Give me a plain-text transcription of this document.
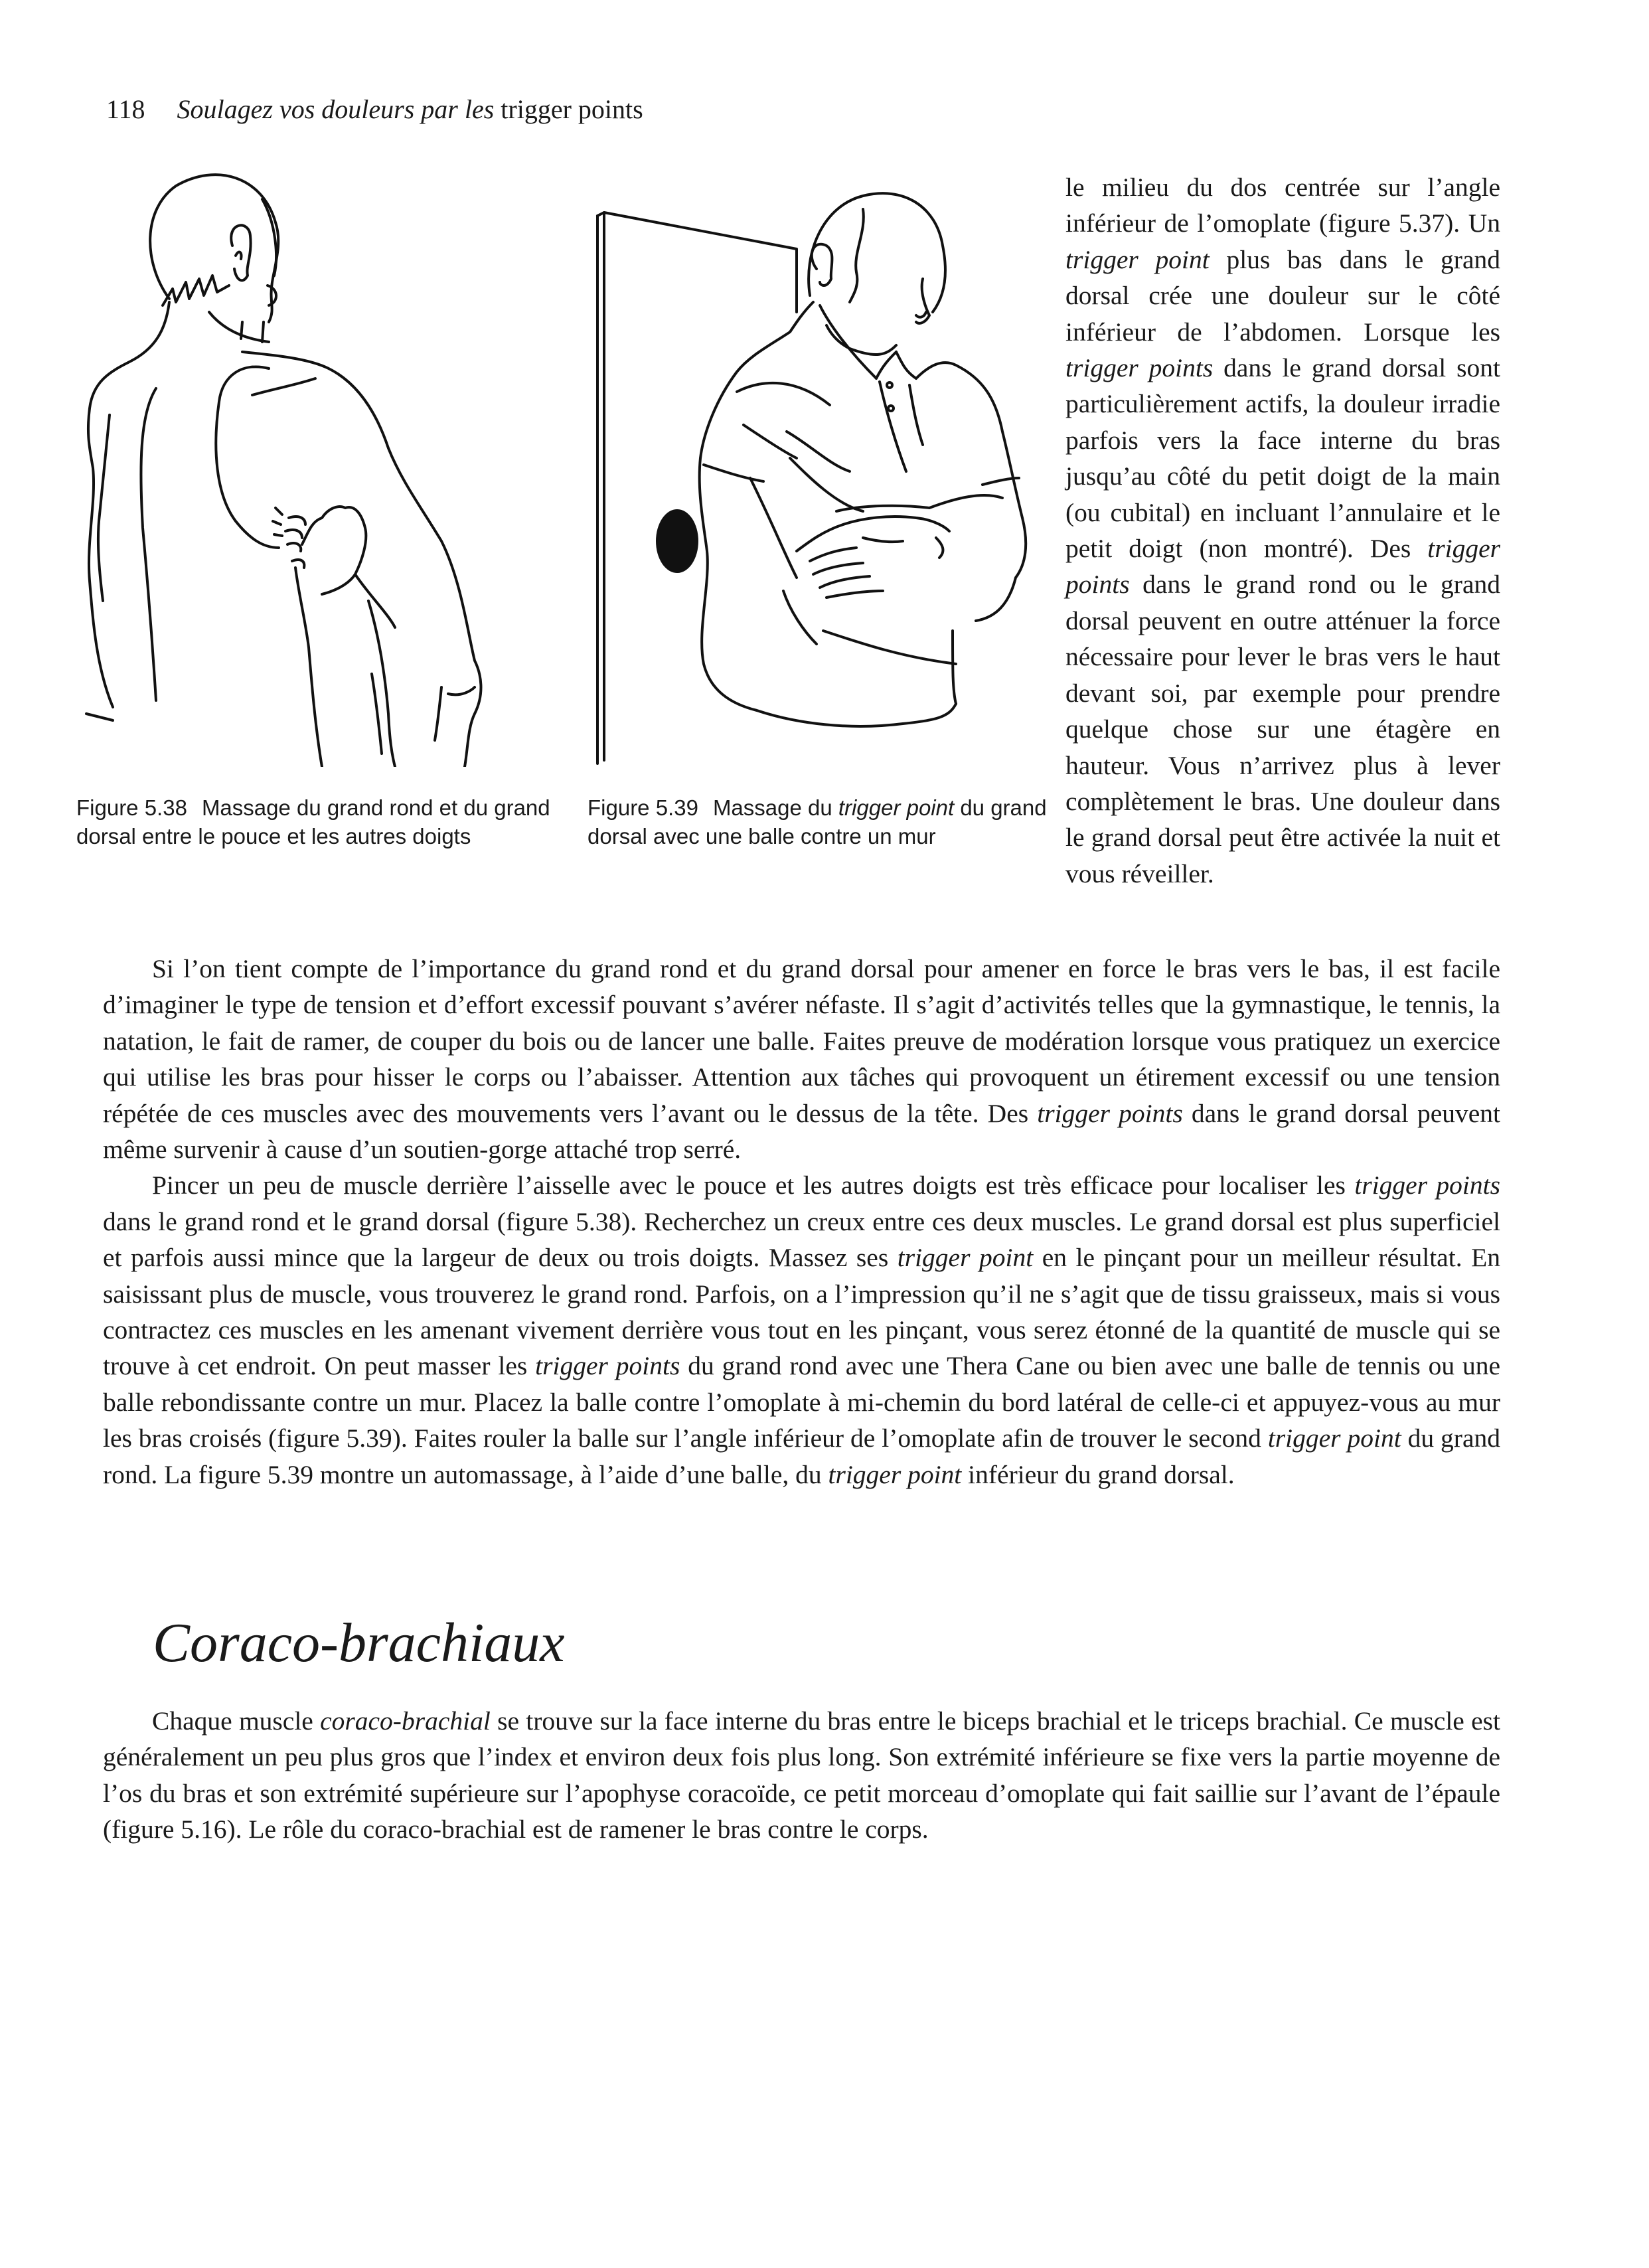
118 Soulagez vos douleurs par les trigger points
Figure 5.38 Massage du grand rond et du grand dorsal entre le pouce et les autres doigts
Figure 5.39 Massage du trigger point du grand dorsal avec une balle contre un mur

le milieu du dos centrée sur l’angle inférieur de l’omoplate (figure 5.37). Un trigger point plus bas dans le grand dorsal crée une douleur sur le côté inférieur de l’abdomen. Lorsque les trigger points dans le grand dorsal sont particulièrement actifs, la douleur irradie parfois vers la face interne du bras jusqu’au côté du petit doigt de la main (ou cubital) en incluant l’annulaire et le petit doigt (non montré). Des trigger points dans le grand rond ou le grand dorsal peuvent en outre atténuer la force nécessaire pour lever le bras vers le haut devant soi, par exemple pour prendre quelque chose sur une étagère en hauteur. Vous n’arrivez plus à lever complètement le bras. Une douleur dans le grand dorsal peut être activée la nuit et vous réveiller.

Si l’on tient compte de l’importance du grand rond et du grand dorsal pour amener en force le bras vers le bas, il est facile d’imaginer le type de tension et d’effort excessif pouvant s’avérer néfaste. Il s’agit d’activités telles que la gymnastique, le tennis, la natation, le fait de ramer, de couper du bois ou de lancer une balle. Faites preuve de modération lorsque vous pratiquez un exercice qui utilise les bras pour hisser le corps ou l’abaisser. Attention aux tâches qui provoquent un étirement excessif ou une tension répétée de ces muscles avec des mouvements vers l’avant ou le dessus de la tête. Des trigger points dans le grand dorsal peuvent même survenir à cause d’un soutien-gorge attaché trop serré.

Pincer un peu de muscle derrière l’aisselle avec le pouce et les autres doigts est très efficace pour localiser les trigger points dans le grand rond et le grand dorsal (figure 5.38). Recherchez un creux entre ces deux muscles. Le grand dorsal est plus superficiel et parfois aussi mince que la largeur de deux ou trois doigts. Massez ses trigger point en le pinçant pour un meilleur résultat. En saisissant plus de muscle, vous trouverez le grand rond. Parfois, on a l’impression qu’il ne s’agit que de tissu graisseux, mais si vous contractez ces muscles en les amenant vivement derrière vous tout en les pinçant, vous serez étonné de la quantité de muscle qui se trouve à cet endroit. On peut masser les trigger points du grand rond avec une Thera Cane ou bien avec une balle de tennis ou une balle rebondissante contre un mur. Placez la balle contre l’omoplate à mi-chemin du bord latéral de celle-ci et appuyez-vous au mur les bras croisés (figure 5.39). Faites rouler la balle sur l’angle inférieur de l’omoplate afin de trouver le second trigger point du grand rond. La figure 5.39 montre un automassage, à l’aide d’une balle, du trigger point inférieur du grand dorsal.

Coraco-brachiaux

Chaque muscle coraco-brachial se trouve sur la face interne du bras entre le biceps brachial et le triceps brachial. Ce muscle est généralement un peu plus gros que l’index et environ deux fois plus long. Son extrémité inférieure se fixe vers la partie moyenne de l’os du bras et son extrémité supérieure sur l’apophyse coracoïde, ce petit morceau d’omoplate qui fait saillie sur l’avant de l’épaule (figure 5.16). Le rôle du coraco-brachial est de ramener le bras contre le corps.
